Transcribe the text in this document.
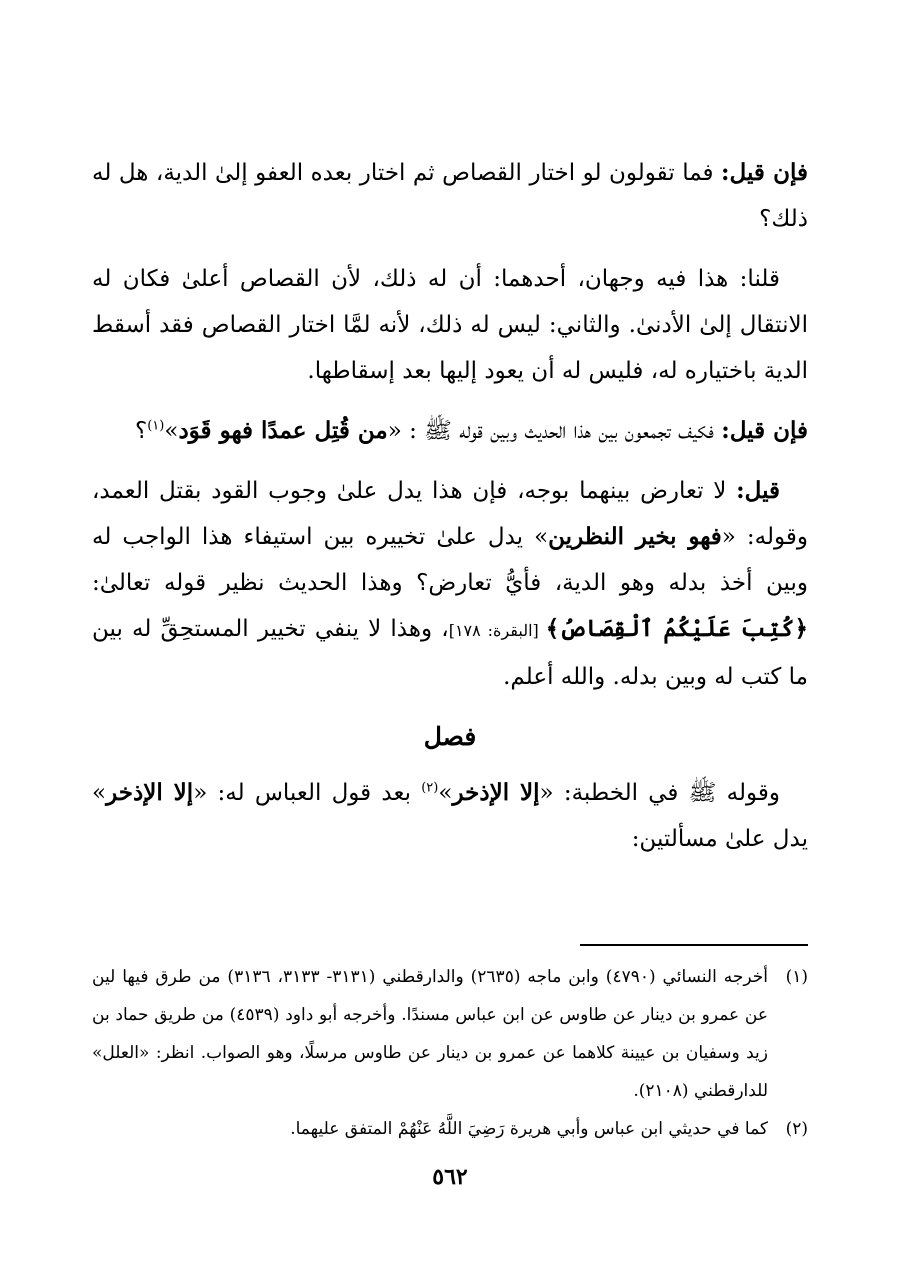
فإن قيل: فما تقولون لو اختار القصاص ثم اختار بعده العفو إلىٰ الدية، هل له ذلك؟

قلنا: هذا فيه وجهان، أحدهما: أن له ذلك، لأن القصاص أعلىٰ فكان له الانتقال إلىٰ الأدنىٰ. والثاني: ليس له ذلك، لأنه لمَّا اختار القصاص فقد أسقط الدية باختياره له، فليس له أن يعود إليها بعد إسقاطها.

فإن قيل: فكيف تجمعون بين هذا الحديث وبين قوله ﷺ : «من قُتِل عمدًا فهو قَوَد»$^{(١)}$؟

قيل: لا تعارض بينهما بوجه، فإن هذا يدل علىٰ وجوب القود بقتل العمد، وقوله: «فهو بخير النظرين» يدل علىٰ تخييره بين استيفاء هذا الواجب له وبين أخذ بدله وهو الدية، فأيُّ تعارض؟ وهذا الحديث نظير قوله تعالىٰ: ﴿كُتِبَ عَلَيْكُمُ ٱلْقِصَاصُ﴾ [البقرة: ١٧٨]، وهذا لا ينفي تخيير المستحِقِّ له بين ما كتب له وبين بدله. والله أعلم.

فصل

وقوله ﷺ في الخطبة: «إلا الإذخر»$^{(٢)}$ بعد قول العباس له: «إلا الإذخر» يدل علىٰ مسألتين:

(١)
أخرجه النسائي (٤٧٩٠) وابن ماجه (٢٦٣٥) والدارقطني (٣١٣١- ٣١٣٣، ٣١٣٦) من طرق فيها لين عن عمرو بن دينار عن طاوس عن ابن عباس مسندًا. وأخرجه أبو داود (٤٥٣٩) من طريق حماد بن زيد وسفيان بن عيينة كلاهما عن عمرو بن دينار عن طاوس مرسلًا، وهو الصواب. انظر: «العلل» للدارقطني (٢١٠٨).
(٢)
كما في حديثي ابن عباس وأبي هريرة رَضِيَ اللَّهُ عَنْهُمْ المتفق عليهما.
٥٦٢
